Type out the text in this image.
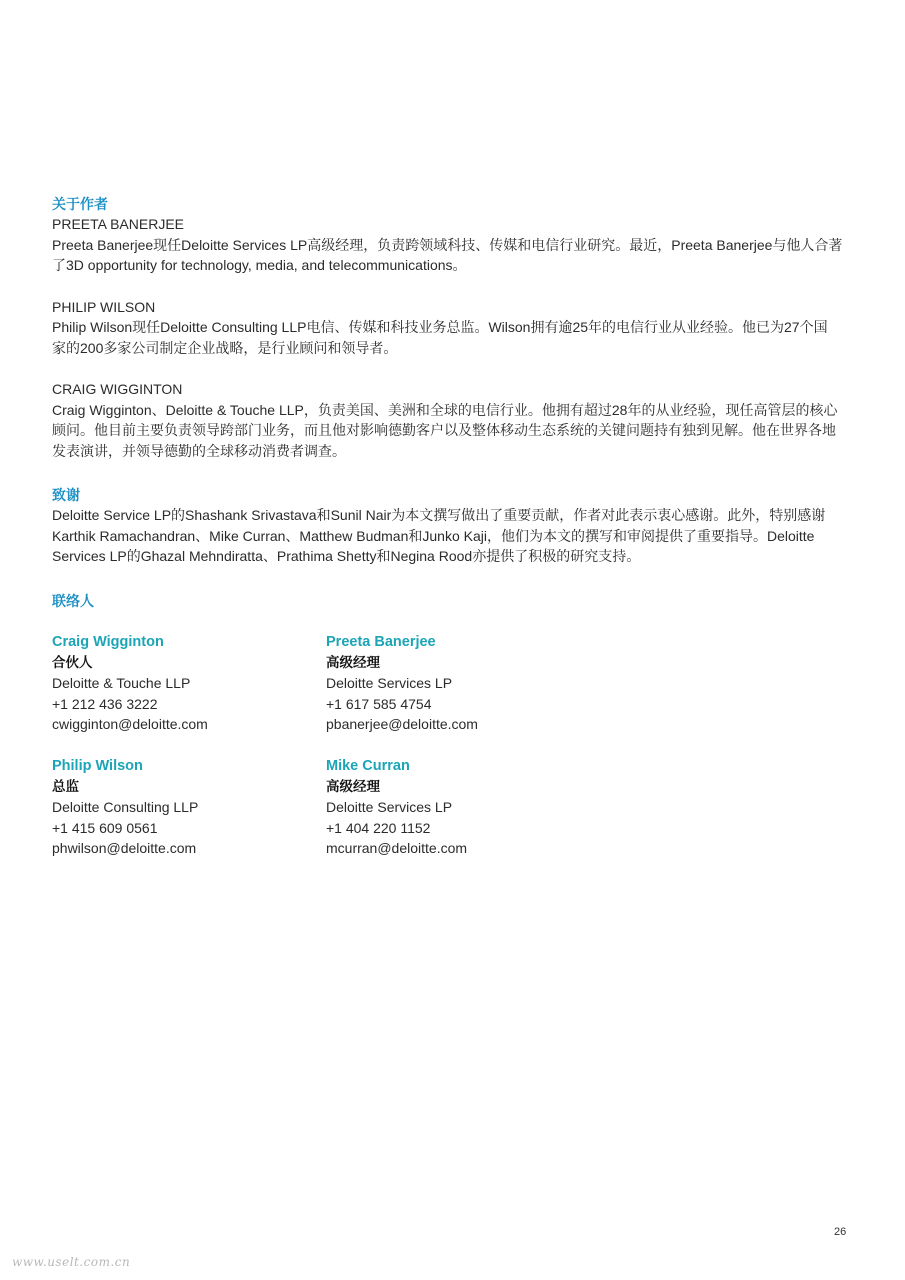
关于作者
PREETA BANERJEE
Preeta Banerjee现任Deloitte Services LP高级经理，负责跨领域科技、传媒和电信行业研究。最近，Preeta Banerjee与他人合著
了3D opportunity for technology, media, and telecommunications。
PHILIP WILSON
Philip Wilson现任Deloitte Consulting LLP电信、传媒和科技业务总监。Wilson拥有逾25年的电信行业从业经验。他已为27个国
家的200多家公司制定企业战略，是行业顾问和领导者。
CRAIG WIGGINTON
Craig Wigginton、Deloitte & Touche LLP，负责美国、美洲和全球的电信行业。他拥有超过28年的从业经验，现任高管层的核心
顾问。他目前主要负责领导跨部门业务，而且他对影响德勤客户以及整体移动生态系统的关键问题持有独到见解。他在世界各地
发表演讲，并领导德勤的全球移动消费者调查。
致谢
Deloitte Service LP的Shashank Srivastava和Sunil Nair为本文撰写做出了重要贡献，作者对此表示衷心感谢。此外，特别感谢
Karthik Ramachandran、Mike Curran、Matthew Budman和Junko Kaji，他们为本文的撰写和审阅提供了重要指导。Deloitte
Services LP的Ghazal Mehndiratta、Prathima Shetty和Negina Rood亦提供了积极的研究支持。
联络人
Craig Wigginton
合伙人
Deloitte & Touche LLP
+1 212 436 3222
cwigginton@deloitte.com
Preeta Banerjee
高级经理
Deloitte Services LP
+1 617 585 4754
pbanerjee@deloitte.com
Philip Wilson
总监
Deloitte Consulting LLP
+1 415 609 0561
phwilson@deloitte.com
Mike Curran
高级经理
Deloitte Services LP
+1 404 220 1152
mcurran@deloitte.com
26
www.uselt.com.cn
